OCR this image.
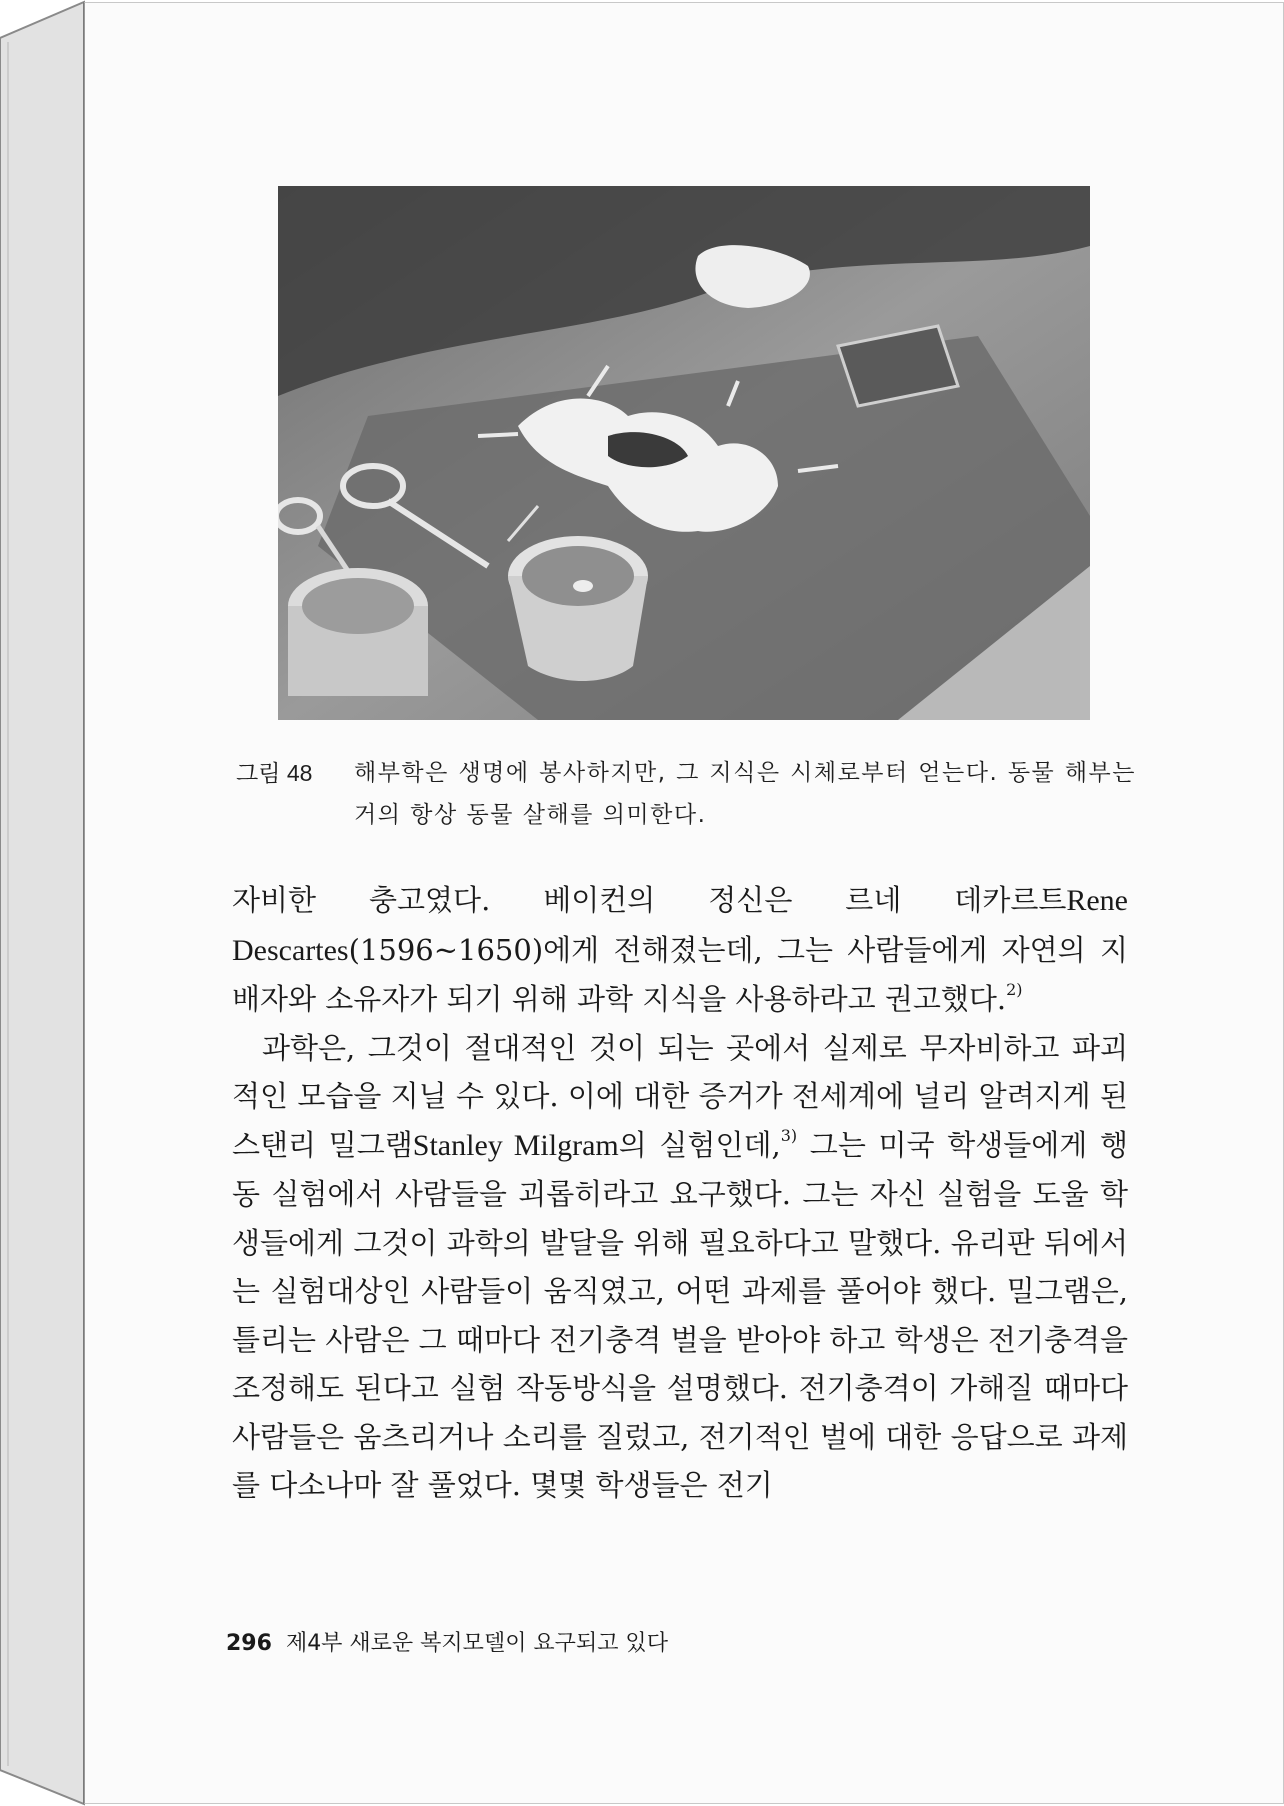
그림 48	해부학은 생명에 봉사하지만, 그 지식은 시체로부터 얻는다. 동물 해부는 거의 항상 동물 살해를 의미한다.

자비한 충고였다. 베이컨의 정신은 르네 데카르트Rene Descartes(1596~1650)에게 전해졌는데, 그는 사람들에게 자연의 지배자와 소유자가 되기 위해 과학 지식을 사용하라고 권고했다.$^{2)}$

과학은, 그것이 절대적인 것이 되는 곳에서 실제로 무자비하고 파괴적인 모습을 지닐 수 있다. 이에 대한 증거가 전세계에 널리 알려지게 된 스탠리 밀그램Stanley Milgram의 실험인데,$^{3)}$ 그는 미국 학생들에게 행동 실험에서 사람들을 괴롭히라고 요구했다. 그는 자신 실험을 도울 학생들에게 그것이 과학의 발달을 위해 필요하다고 말했다. 유리판 뒤에서는 실험대상인 사람들이 움직였고, 어떤 과제를 풀어야 했다. 밀그램은, 틀리는 사람은 그 때마다 전기충격 벌을 받아야 하고 학생은 전기충격을 조정해도 된다고 실험 작동방식을 설명했다. 전기충격이 가해질 때마다 사람들은 움츠리거나 소리를 질렀고, 전기적인 벌에 대한 응답으로 과제를 다소나마 잘 풀었다. 몇몇 학생들은 전기

296 제4부 새로운 복지모델이 요구되고 있다
